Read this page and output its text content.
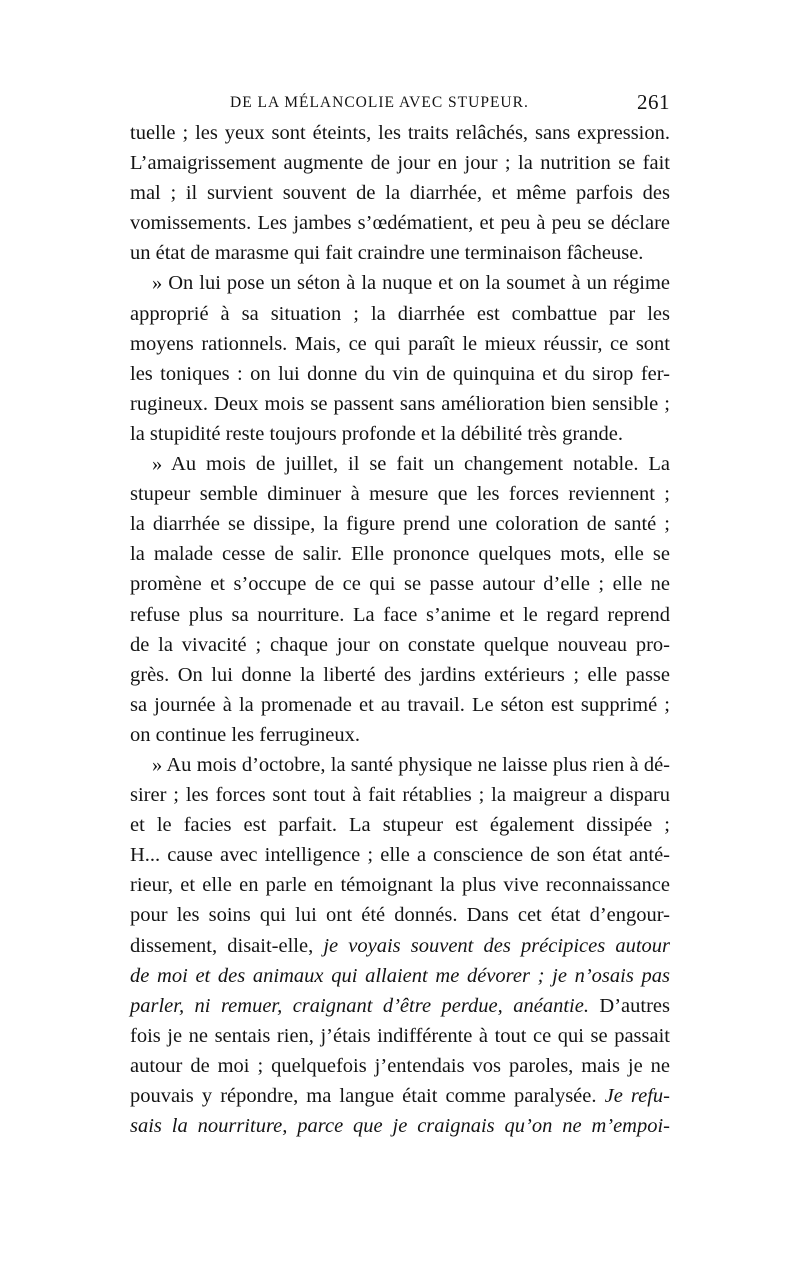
DE LA MÉLANCOLIE AVEC STUPEUR.	261
tuelle ; les yeux sont éteints, les traits relâchés, sans expression.
L’amaigrissement augmente de jour en jour ; la nutrition se fait
mal ; il survient souvent de la diarrhée, et même parfois des
vomissements. Les jambes s’œdématient, et peu à peu se déclare
un état de marasme qui fait craindre une terminaison fâcheuse.
» On lui pose un séton à la nuque et on la soumet à un régime
approprié à sa situation ; la diarrhée est combattue par les
moyens rationnels. Mais, ce qui paraît le mieux réussir, ce sont
les toniques : on lui donne du vin de quinquina et du sirop fer-
rugineux. Deux mois se passent sans amélioration bien sensible ;
la stupidité reste toujours profonde et la débilité très grande.
» Au mois de juillet, il se fait un changement notable. La
stupeur semble diminuer à mesure que les forces reviennent ;
la diarrhée se dissipe, la figure prend une coloration de santé ;
la malade cesse de salir. Elle prononce quelques mots, elle se
promène et s’occupe de ce qui se passe autour d’elle ; elle ne
refuse plus sa nourriture. La face s’anime et le regard reprend
de la vivacité ; chaque jour on constate quelque nouveau pro-
grès. On lui donne la liberté des jardins extérieurs ; elle passe
sa journée à la promenade et au travail. Le séton est supprimé ;
on continue les ferrugineux.
» Au mois d’octobre, la santé physique ne laisse plus rien à dé-
sirer ; les forces sont tout à fait rétablies ; la maigreur a disparu
et le facies est parfait. La stupeur est également dissipée ;
H... cause avec intelligence ; elle a conscience de son état anté-
rieur, et elle en parle en témoignant la plus vive reconnaissance
pour les soins qui lui ont été donnés. Dans cet état d’engour-
dissement, disait-elle, je voyais souvent des précipices autour
de moi et des animaux qui allaient me dévorer ; je n’osais pas
parler, ni remuer, craignant d’être perdue, anéantie. D’autres
fois je ne sentais rien, j’étais indifférente à tout ce qui se passait
autour de moi ; quelquefois j’entendais vos paroles, mais je ne
pouvais y répondre, ma langue était comme paralysée. Je refu-
sais la nourriture, parce que je craignais qu’on ne m’empoi-
